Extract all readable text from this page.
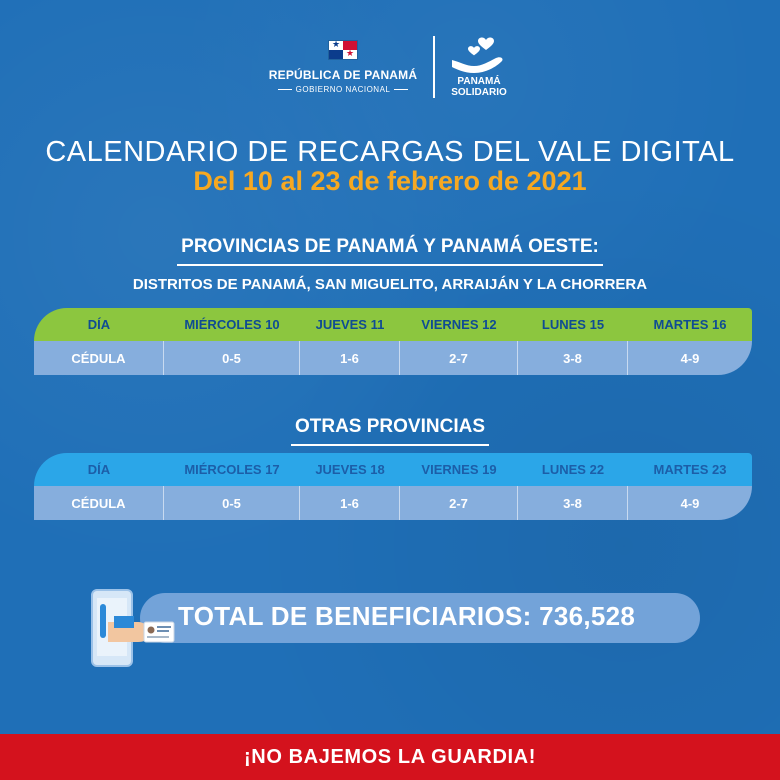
★
★
REPÚBLICA DE PANAMÁ
GOBIERNO NACIONAL
PANAMÁ
SOLIDARIO
CALENDARIO DE RECARGAS DEL VALE DIGITAL
Del 10 al 23 de febrero de 2021
PROVINCIAS DE PANAMÁ Y PANAMÁ OESTE:
DISTRITOS DE PANAMÁ, SAN MIGUELITO, ARRAIJÁN Y LA CHORRERA
DÍA	MIÉRCOLES 10	JUEVES 11	VIERNES 12	LUNES 15	MARTES 16
CÉDULA	0-5	1-6	2-7	3-8	4-9
OTRAS PROVINCIAS
DÍA	MIÉRCOLES 17	JUEVES 18	VIERNES 19	LUNES 22	MARTES 23
CÉDULA	0-5	1-6	2-7	3-8	4-9
TOTAL DE BENEFICIARIOS: 736,528
¡NO BAJEMOS LA GUARDIA!
